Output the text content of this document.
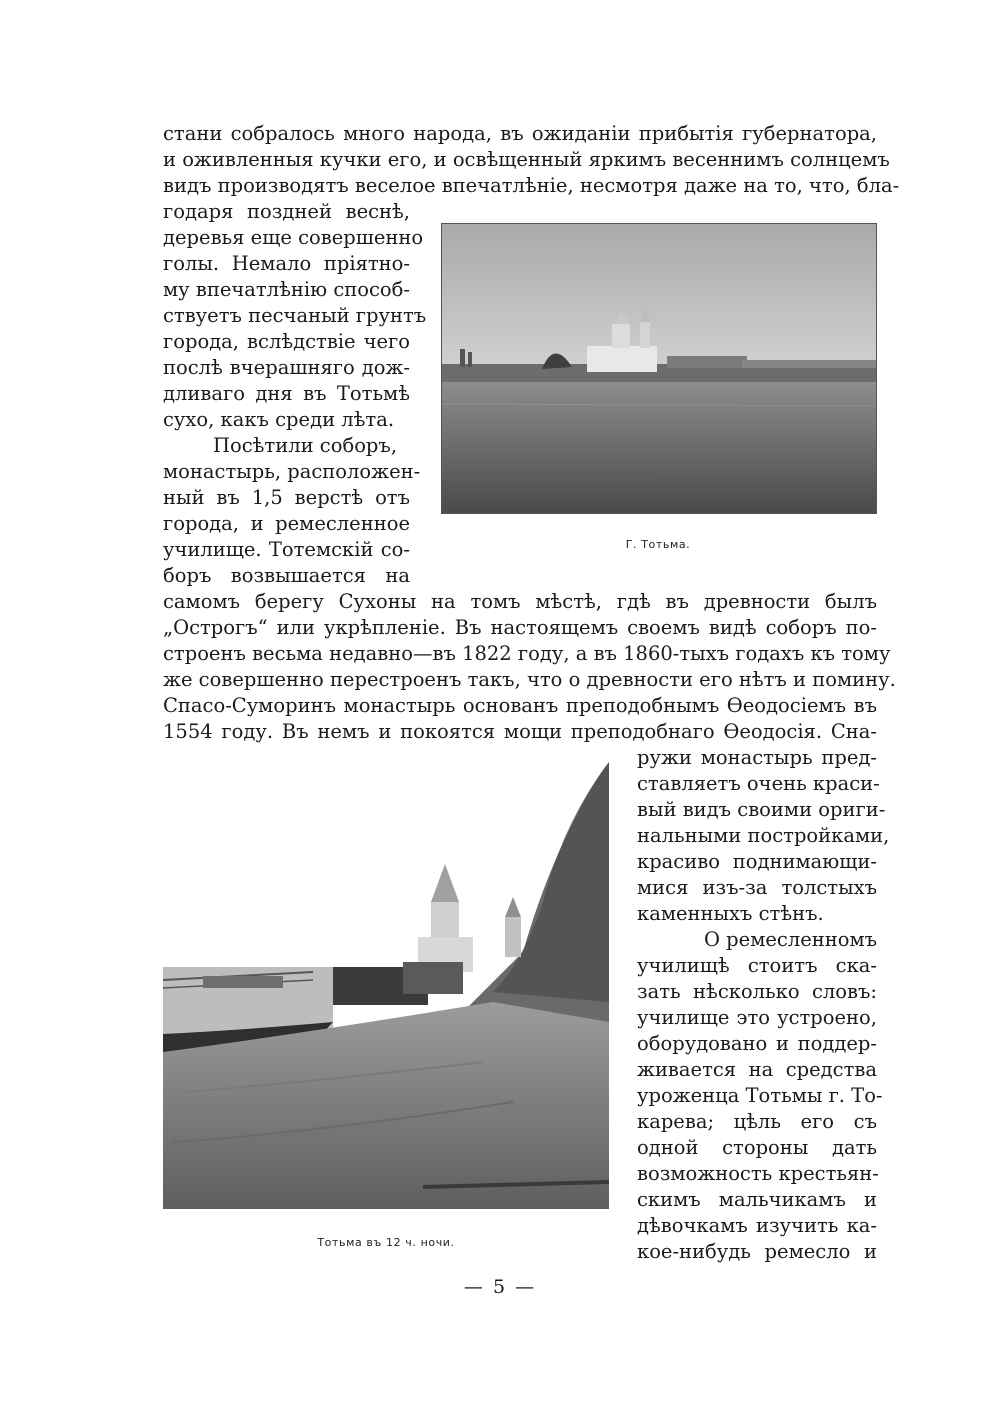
стани собралось много народа, въ ожиданіи прибытія губернатора,
и оживленныя кучки его, и освѣщенный яркимъ весеннимъ солнцемъ
видъ производятъ веселое впечатлѣніе, несмотря даже на то, что, бла-
годаря поздней веснѣ,
деревья еще совершенно
голы. Немало пріятно-
му впечатлѣнію способ-
ствуетъ песчаный грунтъ
города, вслѣдствіе чего
послѣ вчерашняго дож-
дливаго дня въ Тотьмѣ
сухо, какъ среди лѣта.
Посѣтили соборъ,
монастырь, расположен-
ный въ 1,5 верстѣ отъ
города, и ремесленное
училище. Тотемскій со-
боръ возвышается на
Г. Тотьма.
самомъ берегу Сухоны на томъ мѣстѣ, гдѣ въ древности былъ
„Острогъ“ или укрѣпленіе. Въ настоящемъ своемъ видѣ соборъ по-
строенъ весьма недавно—въ 1822 году, а въ 1860-тыхъ годахъ къ тому
же совершенно перестроенъ такъ, что о древности его нѣтъ и помину.
Спасо-Суморинъ монастырь основанъ преподобнымъ Ѳеодосіемъ въ
1554 году. Въ немъ и покоятся мощи преподобнаго Ѳеодосія. Сна-
Тотьма въ 12 ч. ночи.
ружи монастырь пред-
ставляетъ очень краси-
вый видъ своими ориги-
нальными постройками,
красиво поднимающи-
мися изъ-за толстыхъ
каменныхъ стѣнъ.
О ремесленномъ
училищѣ стоитъ ска-
зать нѣсколько словъ:
училище это устроено,
оборудовано и поддер-
живается на средства
уроженца Тотьмы г. То-
карева; цѣль его съ
одной стороны дать
возможность крестьян-
скимъ мальчикамъ и
дѣвочкамъ изучить ка-
кое-нибудь ремесло и
— 5 —
